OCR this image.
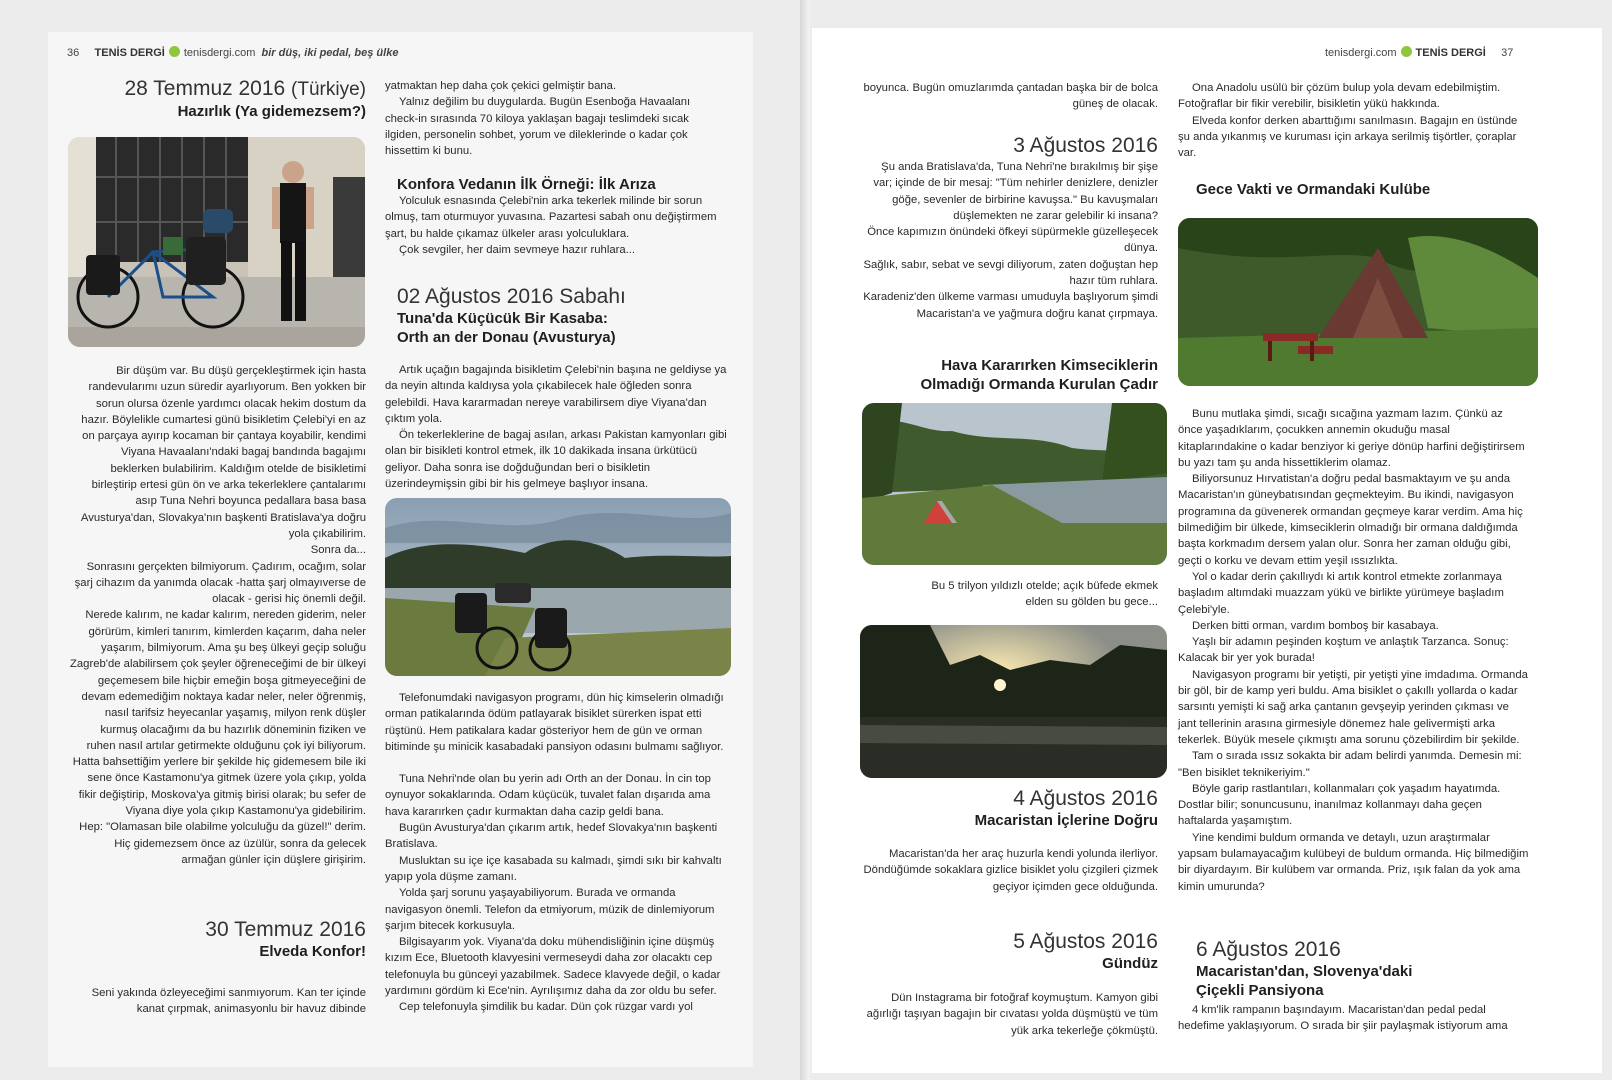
36 TENİS DERGİ tenisdergi.com bir düş, iki pedal, beş ülke
28 Temmuz 2016 (Türkiye)
Hazırlık (Ya gidemezsem?)

Bir düşüm var. Bu düşü gerçekleştirmek için hasta randevularımı uzun süredir ayarlıyorum. Ben yokken bir sorun olursa özenle yardımcı olacak hekim dostum da hazır. Böylelikle cumartesi günü bisikletim Çelebi'yi en az on parçaya ayırıp kocaman bir çantaya koyabilir, kendimi Viyana Havaalanı'ndaki bagaj bandında bagajımı beklerken bulabilirim. Kaldığım otelde de bisikletimi birleştirip ertesi gün ön ve arka tekerleklere çantalarımı asıp Tuna Nehri boyunca pedallara basa basa Avusturya'dan, Slovakya'nın başkenti Bratislava'ya doğru yola çıkabilirim.

Sonra da...

Sonrasını gerçekten bilmiyorum. Çadırım, ocağım, solar şarj cihazım da yanımda olacak -hatta şarj olmayıverse de olacak - gerisi hiç önemli değil.

Nerede kalırım, ne kadar kalırım, nereden giderim, neler görürüm, kimleri tanırım, kimlerden kaçarım, daha neler yaşarım, bilmiyorum. Ama şu beş ülkeyi geçip soluğu Zagreb'de alabilirsem çok şeyler öğreneceğimi de bir ülkeyi geçemesem bile hiçbir emeğin boşa gitmeyeceğini de devam edemediğim noktaya kadar neler, neler öğrenmiş, nasıl tarifsiz heyecanlar yaşamış, milyon renk düşler kurmuş olacağımı da bu hazırlık döneminin fiziken ve ruhen nasıl artılar getirmekte olduğunu çok iyi biliyorum.

Hatta bahsettiğim yerlere bir şekilde hiç gidemesem bile iki sene önce Kastamonu'ya gitmek üzere yola çıkıp, yolda fikir değiştirip, Moskova'ya gitmiş birisi olarak; bu sefer de Viyana diye yola çıkıp Kastamonu'ya gidebilirim.

Hep: "Olamasan bile olabilme yolculuğu da güzel!" derim. Hiç gidemezsem önce az üzülür, sonra da gelecek armağan günler için düşlere girişirim.

30 Temmuz 2016
Elveda Konfor!

Seni yakında özleyeceğimi sanmıyorum. Kan ter içinde kanat çırpmak, animasyonlu bir havuz dibinde

yatmaktan hep daha çok çekici gelmiştir bana.

Yalnız değilim bu duygularda. Bugün Esenboğa Havaalanı check-in sırasında 70 kiloya yaklaşan bagajı teslimdeki sıcak ilgiden, personelin sohbet, yorum ve dileklerinde o kadar çok hissettim ki bunu.

Konfora Vedanın İlk Örneği: İlk Arıza

Yolculuk esnasında Çelebi'nin arka tekerlek milinde bir sorun olmuş, tam oturmuyor yuvasına. Pazartesi sabah onu değiştirmem şart, bu halde çıkamaz ülkeler arası yolculuklara.

Çok sevgiler, her daim sevmeye hazır ruhlara...

02 Ağustos 2016 Sabahı
Tuna'da Küçücük Bir Kasaba:
Orth an der Donau (Avusturya)

Artık uçağın bagajında bisikletim Çelebi'nin başına ne geldiyse ya da neyin altında kaldıysa yola çıkabilecek hale öğleden sonra gelebildi. Hava kararmadan nereye varabilirsem diye Viyana'dan çıktım yola.

Ön tekerleklerine de bagaj asılan, arkası Pakistan kamyonları gibi olan bir bisikleti kontrol etmek, ilk 10 dakikada insana ürkütücü geliyor. Daha sonra ise doğduğundan beri o bisikletin üzerindeymişsin gibi bir his gelmeye başlıyor insana.

Telefonumdaki navigasyon programı, dün hiç kimselerin olmadığı orman patikalarında ödüm patlayarak bisiklet sürerken ispat etti rüştünü. Hem patikalara kadar gösteriyor hem de gün ve orman bitiminde şu minicik kasabadaki pansiyon odasını bulmamı sağlıyor.

Tuna Nehri'nde olan bu yerin adı Orth an der Donau. İn cin top oynuyor sokaklarında. Odam küçücük, tuvalet falan dışarıda ama hava kararırken çadır kurmaktan daha cazip geldi bana.

Bugün Avusturya'dan çıkarım artık, hedef Slovakya'nın başkenti Bratislava.

Musluktan su içe içe kasabada su kalmadı, şimdi sıkı bir kahvaltı yapıp yola düşme zamanı.

Yolda şarj sorunu yaşayabiliyorum. Burada ve ormanda navigasyon önemli. Telefon da etmiyorum, müzik de dinlemiyorum şarjım bitecek korkusuyla.

Bilgisayarım yok. Viyana'da doku mühendisliğinin içine düşmüş kızım Ece, Bluetooth klavyesini vermeseydi daha zor olacaktı cep telefonuyla bu günceyi yazabilmek. Sadece klavyede değil, o kadar yardımını gördüm ki Ece'nin. Ayrılışımız daha da zor oldu bu sefer.

Cep telefonuyla şimdilik bu kadar. Dün çok rüzgar vardı yol

tenisdergi.com TENİS DERGİ 37

boyunca. Bugün omuzlarımda çantadan başka bir de bolca güneş de olacak.

3 Ağustos 2016

Şu anda Bratislava'da, Tuna Nehri'ne bırakılmış bir şişe var; içinde de bir mesaj: "Tüm nehirler denizlere, denizler göğe, sevenler de birbirine kavuşsa." Bu kavuşmaları düşlemekten ne zarar gelebilir ki insana?

Önce kapımızın önündeki öfkeyi süpürmekle güzelleşecek dünya.

Sağlık, sabır, sebat ve sevgi diliyorum, zaten doğuştan hep hazır tüm ruhlara.

Karadeniz'den ülkeme varması umuduyla başlıyorum şimdi Macaristan'a ve yağmura doğru kanat çırpmaya.

Hava Kararırken Kimseciklerin
Olmadığı Ormanda Kurulan Çadır
Bu 5 trilyon yıldızlı otelde; açık büfede ekmek
elden su gölden bu gece...
4 Ağustos 2016
Macaristan İçlerine Doğru

Macaristan'da her araç huzurla kendi yolunda ilerliyor.

Döndüğümde sokaklara gizlice bisiklet yolu çizgileri çizmek geçiyor içimden gece olduğunda.

5 Ağustos 2016
Gündüz

Dün Instagrama bir fotoğraf koymuştum. Kamyon gibi ağırlığı taşıyan bagajın bir cıvatası yolda düşmüştü ve tüm yük arka tekerleğe çökmüştü.

Ona Anadolu usülü bir çözüm bulup yola devam edebilmiştim. Fotoğraflar bir fikir verebilir, bisikletin yükü hakkında.

Elveda konfor derken abarttığımı sanılmasın. Bagajın en üstünde şu anda yıkanmış ve kuruması için arkaya serilmiş tişörtler, çoraplar var.

Gece Vakti ve Ormandaki Kulübe

Bunu mutlaka şimdi, sıcağı sıcağına yazmam lazım. Çünkü az önce yaşadıklarım, çocukken annemin okuduğu masal kitaplarındakine o kadar benziyor ki geriye dönüp harfini değiştirirsem bu yazı tam şu anda hissettiklerim olamaz.

Biliyorsunuz Hırvatistan'a doğru pedal basmaktayım ve şu anda Macaristan'ın güneybatısından geçmekteyim. Bu ikindi, navigasyon programına da güvenerek ormandan geçmeye karar verdim. Ama hiç bilmediğim bir ülkede, kimseciklerin olmadığı bir ormana daldığımda başta korkmadım dersem yalan olur. Sonra her zaman olduğu gibi, geçti o korku ve devam ettim yeşil ıssızlıkta.

Yol o kadar derin çakıllıydı ki artık kontrol etmekte zorlanmaya başladım altımdaki muazzam yükü ve birlikte yürümeye başladım Çelebi'yle.

Derken bitti orman, vardım bomboş bir kasabaya.

Yaşlı bir adamın peşinden koştum ve anlaştık Tarzanca. Sonuç: Kalacak bir yer yok burada!

Navigasyon programı bir yetişti, pir yetişti yine imdadıma. Ormanda bir göl, bir de kamp yeri buldu. Ama bisiklet o çakıllı yollarda o kadar sarsıntı yemişti ki sağ arka çantanın gevşeyip yerinden çıkması ve jant tellerinin arasına girmesiyle dönemez hale gelivermişti arka tekerlek. Büyük mesele çıkmıştı ama sorunu çözebilirdim bir şekilde.

Tam o sırada ıssız sokakta bir adam belirdi yanımda. Demesin mi: "Ben bisiklet teknikeriyim."

Böyle garip rastlantıları, kollanmaları çok yaşadım hayatımda. Dostlar bilir; sonuncusunu, inanılmaz kollanmayı daha geçen haftalarda yaşamıştım.

Yine kendimi buldum ormanda ve detaylı, uzun araştırmalar yapsam bulamayacağım kulübeyi de buldum ormanda. Hiç bilmediğim bir diyardayım. Bir kulübem var ormanda. Priz, ışık falan da yok ama kimin umurunda?

6 Ağustos 2016
Macaristan'dan, Slovenya'daki
Çiçekli Pansiyona

4 km'lik rampanın başındayım. Macaristan'dan pedal pedal hedefime yaklaşıyorum. O sırada bir şiir paylaşmak istiyorum ama
